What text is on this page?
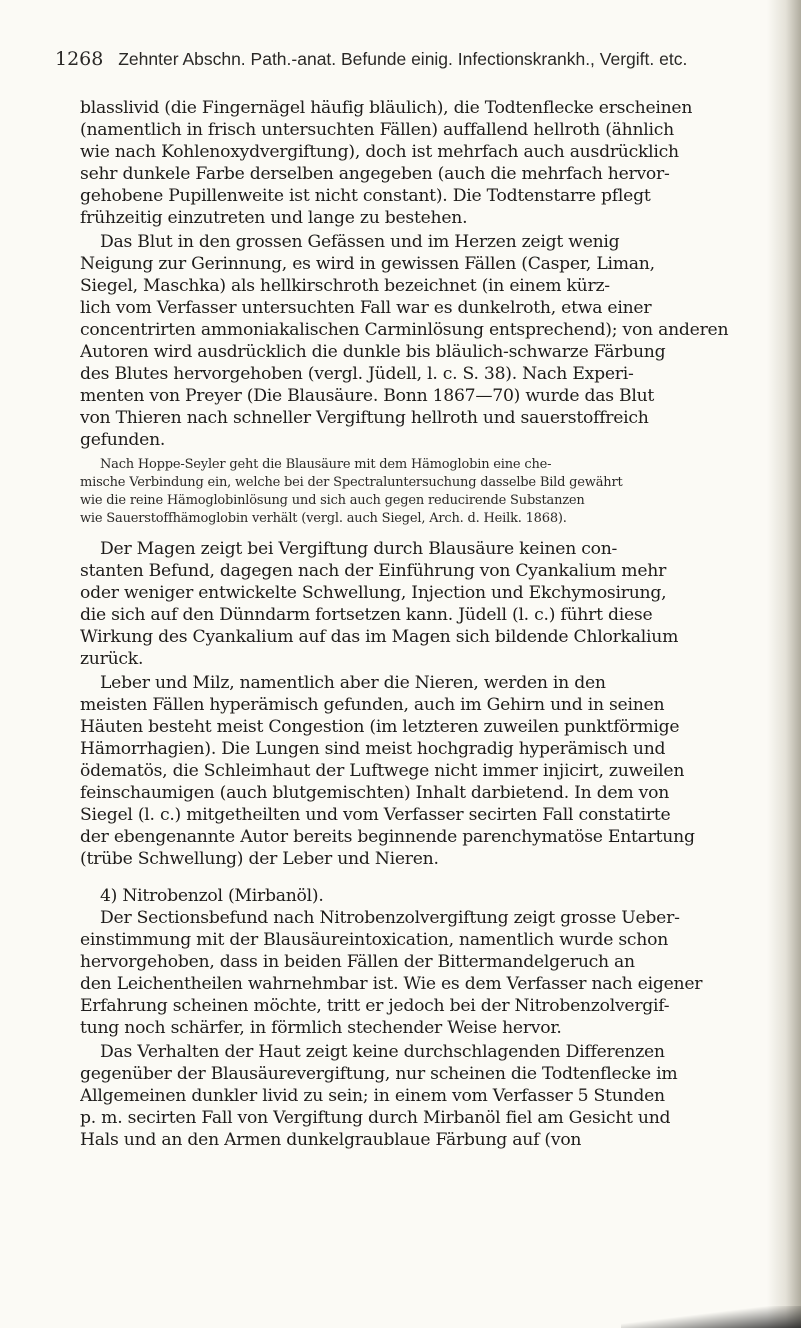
1268 Zehnter Abschn. Path.-anat. Befunde einig. Infectionskrankh., Vergift. etc.
blasslivid (die Fingernägel häufig bläulich), die Todtenflecke erscheinen
(namentlich in frisch untersuchten Fällen) auffallend hellroth (ähnlich
wie nach Kohlenoxydvergiftung), doch ist mehrfach auch ausdrücklich
sehr dunkele Farbe derselben angegeben (auch die mehrfach hervor-
gehobene Pupillenweite ist nicht constant). Die Todtenstarre pflegt
frühzeitig einzutreten und lange zu bestehen.
Das Blut in den grossen Gefässen und im Herzen zeigt wenig
Neigung zur Gerinnung, es wird in gewissen Fällen (Casper, Liman,
Siegel, Maschka) als hellkirschroth bezeichnet (in einem kürz-
lich vom Verfasser untersuchten Fall war es dunkelroth, etwa einer
concentrirten ammoniakalischen Carminlösung entsprechend); von anderen
Autoren wird ausdrücklich die dunkle bis bläulich-schwarze Färbung
des Blutes hervorgehoben (vergl. Jüdell, l. c. S. 38). Nach Experi-
menten von Preyer (Die Blausäure. Bonn 1867—70) wurde das Blut
von Thieren nach schneller Vergiftung hellroth und sauerstoffreich
gefunden.
Nach Hoppe-Seyler geht die Blausäure mit dem Hämoglobin eine che-
mische Verbindung ein, welche bei der Spectraluntersuchung dasselbe Bild gewährt
wie die reine Hämoglobinlösung und sich auch gegen reducirende Substanzen
wie Sauerstoffhämoglobin verhält (vergl. auch Siegel, Arch. d. Heilk. 1868).
Der Magen zeigt bei Vergiftung durch Blausäure keinen con-
stanten Befund, dagegen nach der Einführung von Cyankalium mehr
oder weniger entwickelte Schwellung, Injection und Ekchymosirung,
die sich auf den Dünndarm fortsetzen kann. Jüdell (l. c.) führt diese
Wirkung des Cyankalium auf das im Magen sich bildende Chlorkalium
zurück.
Leber und Milz, namentlich aber die Nieren, werden in den
meisten Fällen hyperämisch gefunden, auch im Gehirn und in seinen
Häuten besteht meist Congestion (im letzteren zuweilen punktförmige
Hämorrhagien). Die Lungen sind meist hochgradig hyperämisch und
ödematös, die Schleimhaut der Luftwege nicht immer injicirt, zuweilen
feinschaumigen (auch blutgemischten) Inhalt darbietend. In dem von
Siegel (l. c.) mitgetheilten und vom Verfasser secirten Fall constatirte
der ebengenannte Autor bereits beginnende parenchymatöse Entartung
(trübe Schwellung) der Leber und Nieren.
4) Nitrobenzol (Mirbanöl).
Der Sectionsbefund nach Nitrobenzolvergiftung zeigt grosse Ueber-
einstimmung mit der Blausäureintoxication, namentlich wurde schon
hervorgehoben, dass in beiden Fällen der Bittermandelgeruch an
den Leichentheilen wahrnehmbar ist. Wie es dem Verfasser nach eigener
Erfahrung scheinen möchte, tritt er jedoch bei der Nitrobenzolvergif-
tung noch schärfer, in förmlich stechender Weise hervor.
Das Verhalten der Haut zeigt keine durchschlagenden Differenzen
gegenüber der Blausäurevergiftung, nur scheinen die Todtenflecke im
Allgemeinen dunkler livid zu sein; in einem vom Verfasser 5 Stunden
p. m. secirten Fall von Vergiftung durch Mirbanöl fiel am Gesicht und
Hals und an den Armen dunkelgraublaue Färbung auf (von
